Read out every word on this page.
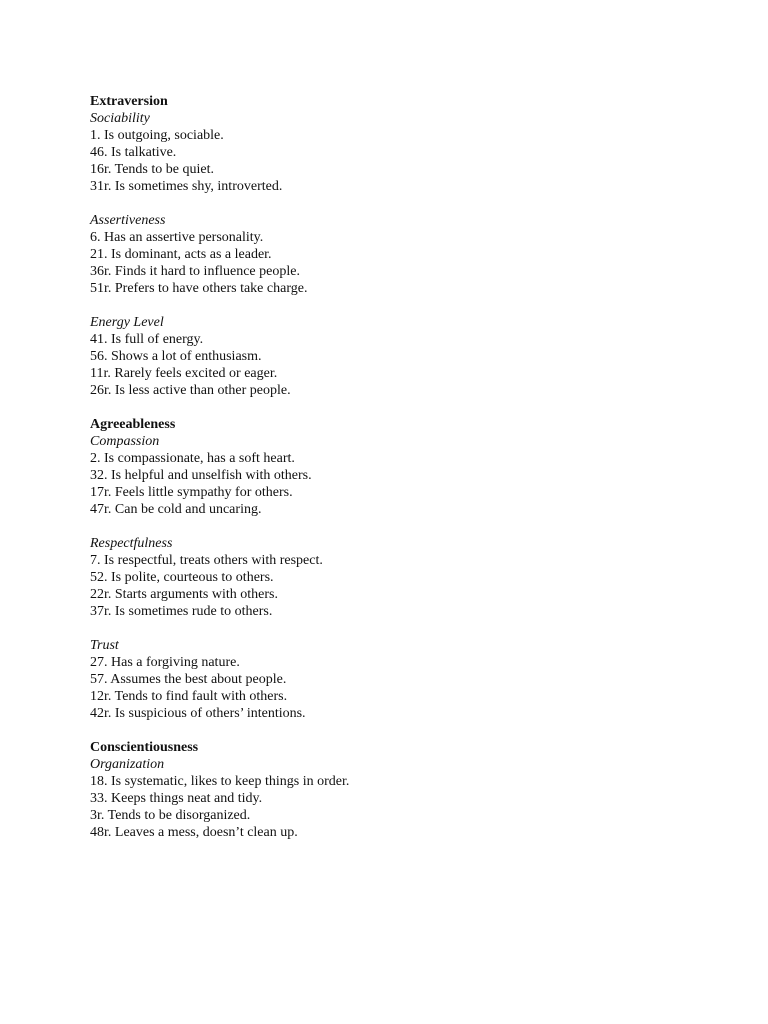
Extraversion
Sociability
1. Is outgoing, sociable.
46. Is talkative.
16r. Tends to be quiet.
31r. Is sometimes shy, introverted.
Assertiveness
6. Has an assertive personality.
21. Is dominant, acts as a leader.
36r. Finds it hard to influence people.
51r. Prefers to have others take charge.
Energy Level
41. Is full of energy.
56. Shows a lot of enthusiasm.
11r. Rarely feels excited or eager.
26r. Is less active than other people.
Agreeableness
Compassion
2. Is compassionate, has a soft heart.
32. Is helpful and unselfish with others.
17r. Feels little sympathy for others.
47r. Can be cold and uncaring.
Respectfulness
7. Is respectful, treats others with respect.
52. Is polite, courteous to others.
22r. Starts arguments with others.
37r. Is sometimes rude to others.
Trust
27. Has a forgiving nature.
57. Assumes the best about people.
12r. Tends to find fault with others.
42r. Is suspicious of others’ intentions.
Conscientiousness
Organization
18. Is systematic, likes to keep things in order.
33. Keeps things neat and tidy.
3r. Tends to be disorganized.
48r. Leaves a mess, doesn’t clean up.
